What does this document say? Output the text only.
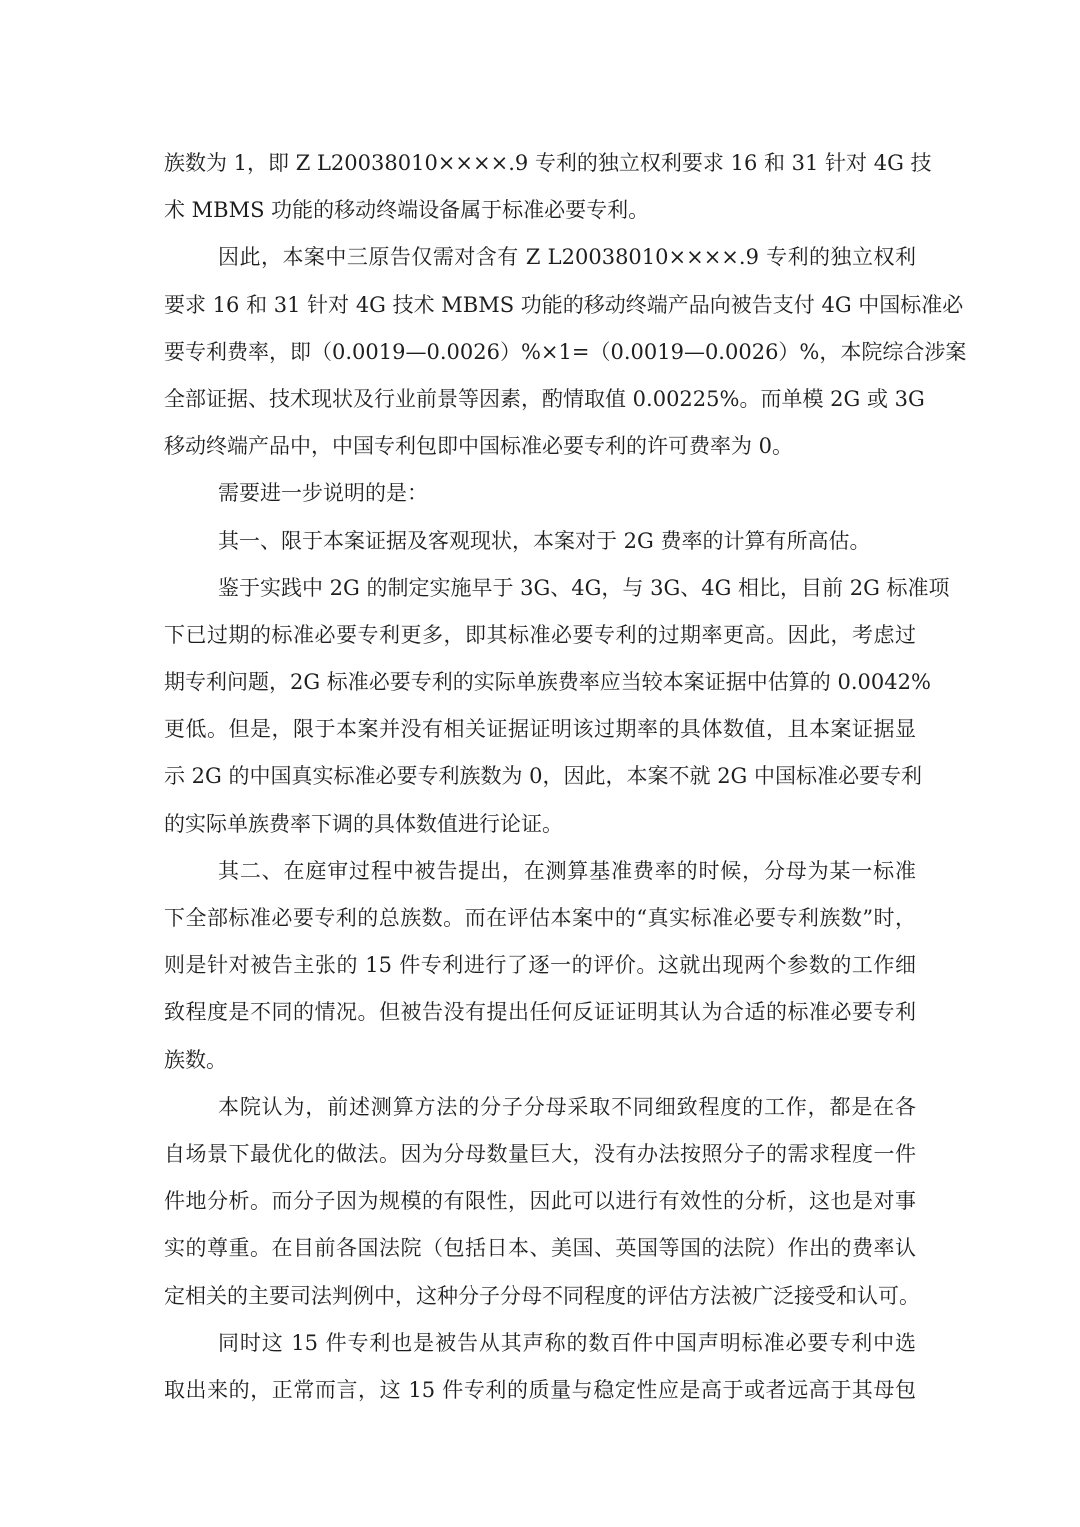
族数为 1，即 Z L20038010××××.9 专利的独立权利要求 16 和 31 针对 4G 技
术 MBMS 功能的移动终端设备属于标准必要专利。
因此，本案中三原告仅需对含有 Z L20038010××××.9 专利的独立权利
要求 16 和 31 针对 4G 技术 MBMS 功能的移动终端产品向被告支付 4G 中国标准必
要专利费率，即（0.0019—0.0026）%×1=（0.0019—0.0026）%，本院综合涉案
全部证据、技术现状及行业前景等因素，酌情取值 0.00225%。而单模 2G 或 3G
移动终端产品中，中国专利包即中国标准必要专利的许可费率为 0。
需要进一步说明的是：
其一、限于本案证据及客观现状，本案对于 2G 费率的计算有所高估。
鉴于实践中 2G 的制定实施早于 3G、4G，与 3G、4G 相比，目前 2G 标准项
下已过期的标准必要专利更多，即其标准必要专利的过期率更高。因此，考虑过
期专利问题，2G 标准必要专利的实际单族费率应当较本案证据中估算的 0.0042%
更低。但是，限于本案并没有相关证据证明该过期率的具体数值，且本案证据显
示 2G 的中国真实标准必要专利族数为 0，因此，本案不就 2G 中国标准必要专利
的实际单族费率下调的具体数值进行论证。
其二、在庭审过程中被告提出，在测算基准费率的时候，分母为某一标准
下全部标准必要专利的总族数。而在评估本案中的“真实标准必要专利族数”时，
则是针对被告主张的 15 件专利进行了逐一的评价。这就出现两个参数的工作细
致程度是不同的情况。但被告没有提出任何反证证明其认为合适的标准必要专利
族数。
本院认为，前述测算方法的分子分母采取不同细致程度的工作，都是在各
自场景下最优化的做法。因为分母数量巨大，没有办法按照分子的需求程度一件
件地分析。而分子因为规模的有限性，因此可以进行有效性的分析，这也是对事
实的尊重。在目前各国法院（包括日本、美国、英国等国的法院）作出的费率认
定相关的主要司法判例中，这种分子分母不同程度的评估方法被广泛接受和认可。
同时这 15 件专利也是被告从其声称的数百件中国声明标准必要专利中选
取出来的，正常而言，这 15 件专利的质量与稳定性应是高于或者远高于其母包
